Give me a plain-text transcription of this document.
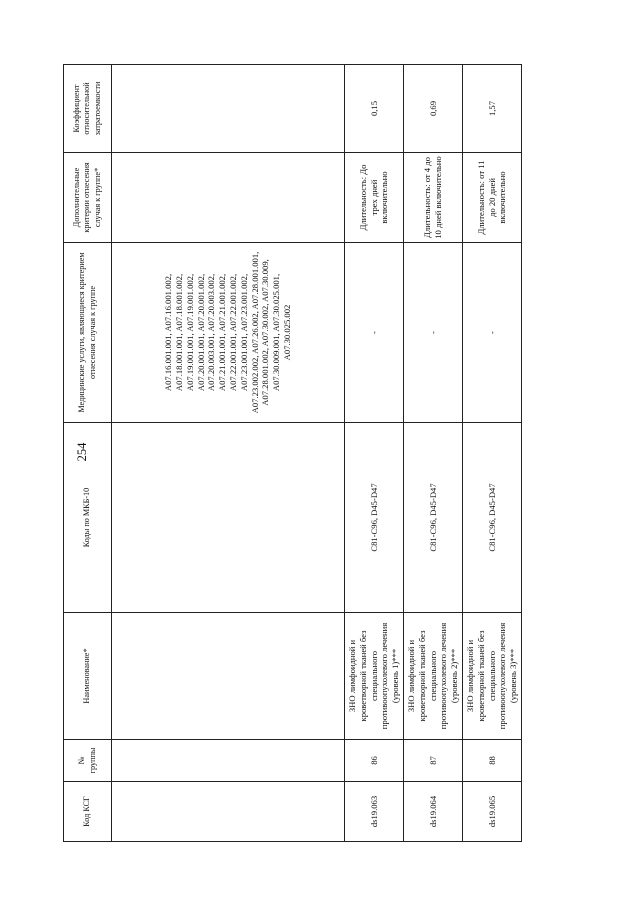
254
Код КСГ	№ группы	Наименование*	Коды по МКБ-10	Медицинские услуги, являющиеся критерием отнесения случая к группе	Дополнительные критерии отнесения случая к группе*	Коэффициент относительной затратоемкости
				A07.16.001.001, A07.16.001.002, A07.18.001.001, A07.18.001.002, A07.19.001.001, A07.19.001.002, A07.20.001.001, A07.20.001.002, A07.20.003.001, A07.20.003.002, A07.21.001.001, A07.21.001.002, A07.22.001.001, A07.22.001.002, A07.23.001.001, A07.23.001.002, A07.23.002.002, A07.26.002, A07.28.001.001, A07.28.001.002, A07.30.002, A07.30.009, A07.30.009.001, A07.30.025.001, A07.30.025.002		
ds19.063	86	ЗНО лимфоидной и кроветворной тканей без специального противоопухолевого лечения (уровень 1)***	C81-C96, D45-D47	-	Длительность: До трех дней включительно	0,15
ds19.064	87	ЗНО лимфоидной и кроветворной тканей без специального противоопухолевого лечения (уровень 2)***	C81-C96, D45-D47	-	Длительность: от 4 до 10 дней включительно	0,69
ds19.065	88	ЗНО лимфоидной и кроветворной тканей без специального противоопухолевого лечения (уровень 3)***	C81-C96, D45-D47	-	Длительность: от 11 до 20 дней включительно	1,57
